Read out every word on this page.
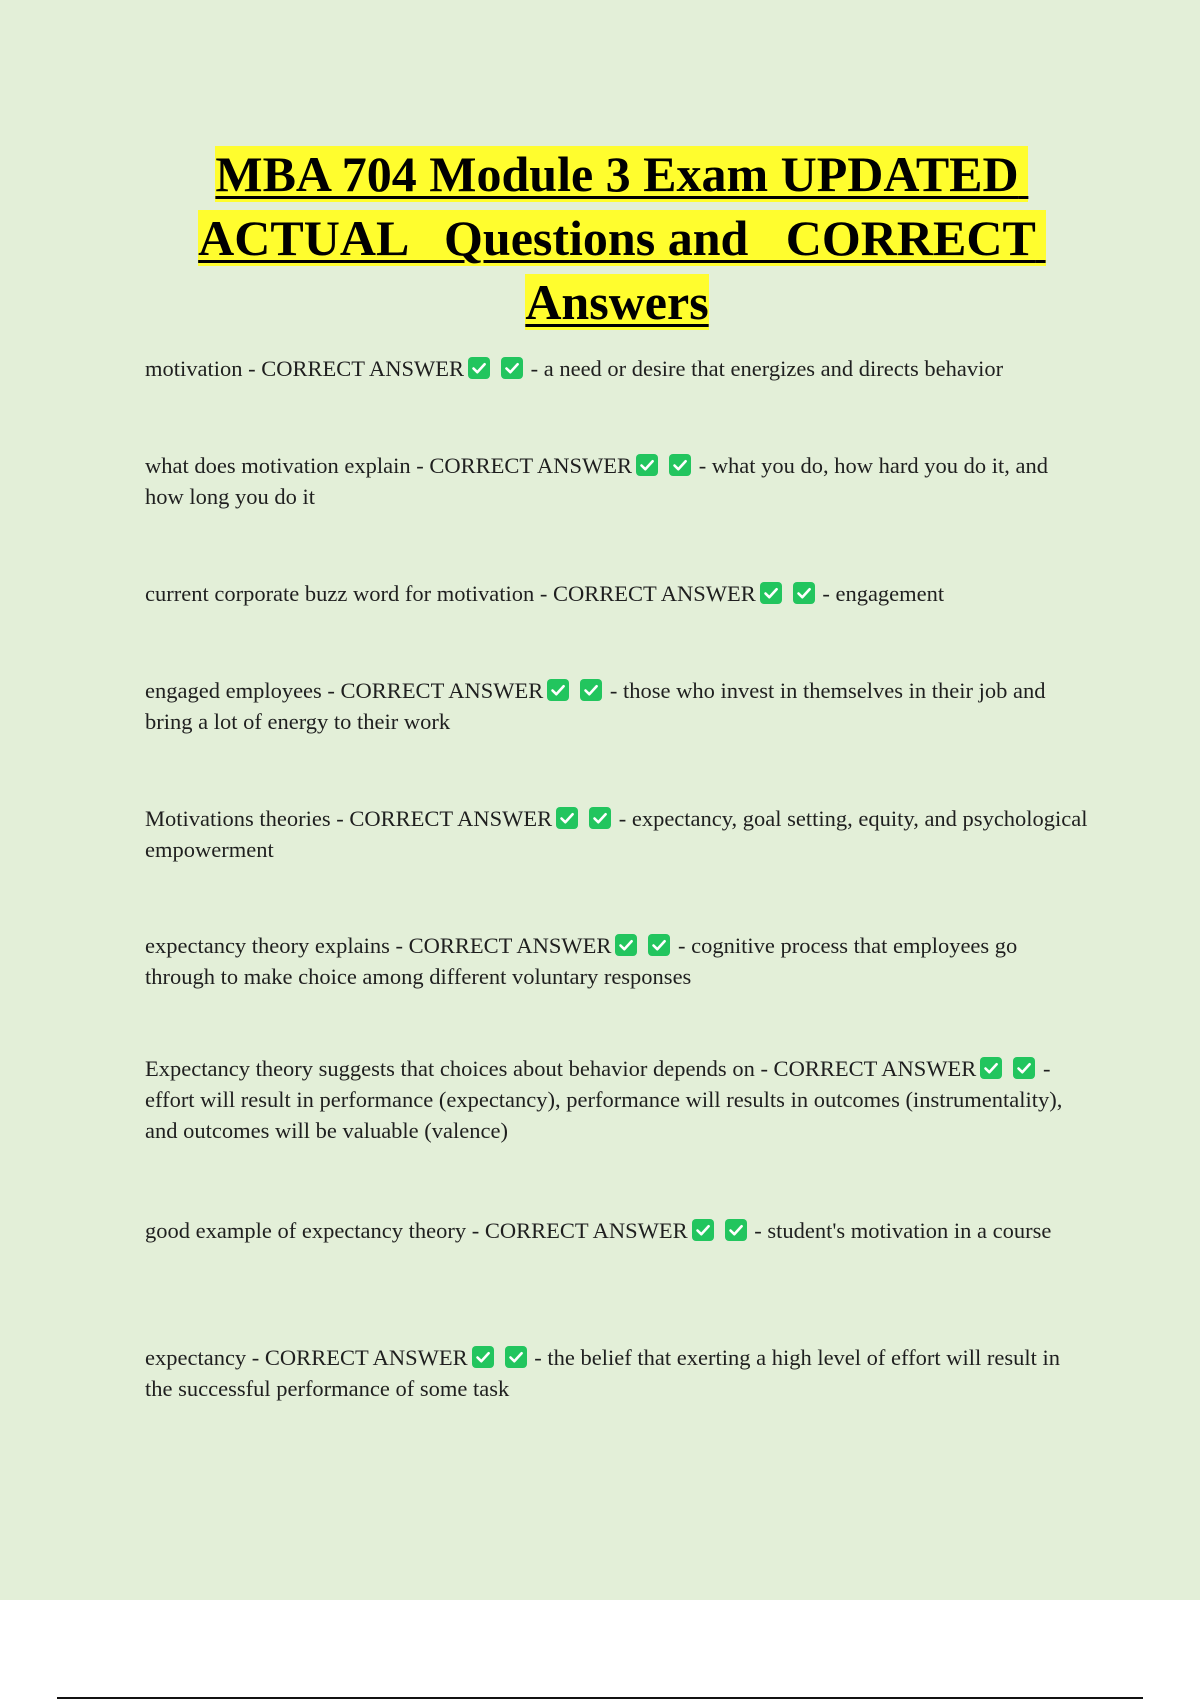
MBA 704 Module 3 Exam UPDATED ACTUAL   Questions and   CORRECT Answers

motivation - CORRECT ANSWER	- a need or desire that energizes and directs behavior

what does motivation explain - CORRECT ANSWER	- what you do, how hard you do it, and how long you do it

current corporate buzz word for motivation - CORRECT ANSWER	- engagement

engaged employees - CORRECT ANSWER	- those who invest in themselves in their job and bring a lot of energy to their work

Motivations theories - CORRECT ANSWER	- expectancy, goal setting, equity, and psychological empowerment

expectancy theory explains - CORRECT ANSWER	- cognitive process that employees go through to make choice among different voluntary responses

Expectancy theory suggests that choices about behavior depends on - CORRECT ANSWER	- effort will result in performance (expectancy), performance will results in outcomes (instrumentality), and outcomes will be valuable (valence)

good example of expectancy theory - CORRECT ANSWER	- student's motivation in a course

expectancy - CORRECT ANSWER	- the belief that exerting a high level of effort will result in the successful performance of some task
